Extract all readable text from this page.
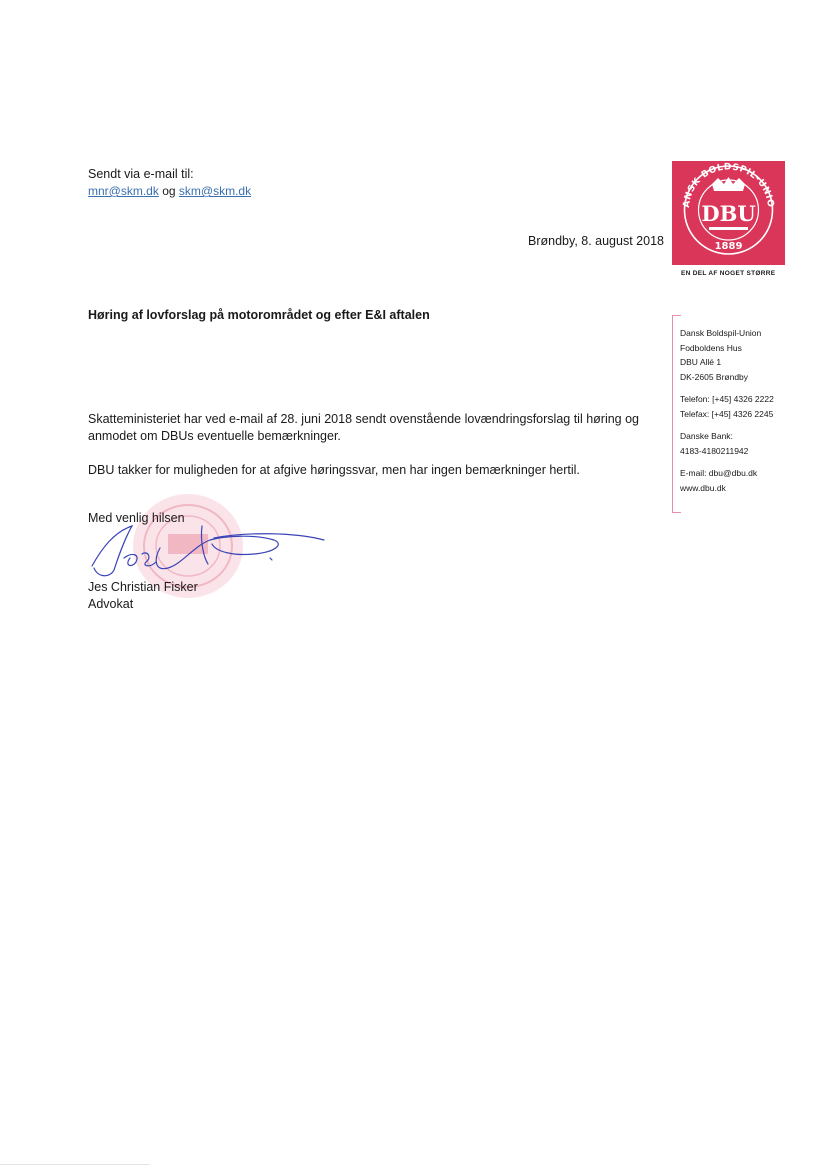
Sendt via e-mail til:
mnr@skm.dk og skm@skm.dk
Brøndby, 8. august 2018
ANSK BOLDSPIL-UNIO
DBU
1889
EN DEL AF NOGET STØRRE
Dansk Boldspil-Union
Fodboldens Hus
DBU Allé 1
DK-2605 Brøndby
Telefon: [+45] 4326 2222
Telefax: [+45] 4326 2245
Danske Bank:
4183-4180211942
E-mail: dbu@dbu.dk
www.dbu.dk
Høring af lovforslag på motorområdet og efter E&I aftalen
Skatteministeriet har ved e-mail af 28. juni 2018 sendt ovenstående lovændringsforslag til høring og
anmodet om DBUs eventuelle bemærkninger.
DBU takker for muligheden for at afgive høringssvar, men har ingen bemærkninger hertil.
Med venlig hilsen
Jes Christian Fisker
Advokat
